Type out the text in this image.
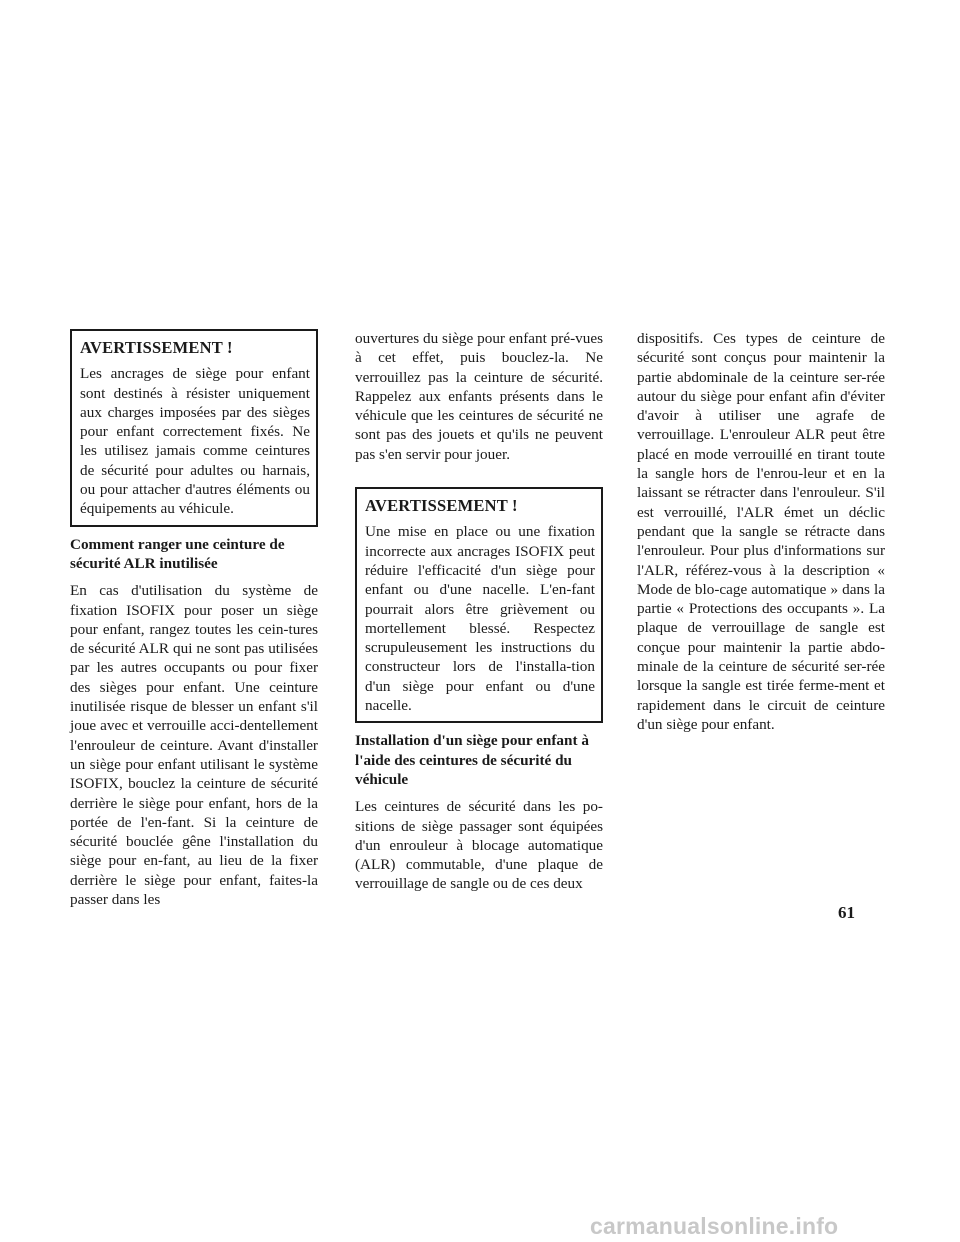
AVERTISSEMENT !

Les ancrages de siège pour enfant sont destinés à résister uniquement aux charges imposées par des sièges pour enfant correctement fixés. Ne les utilisez jamais comme ceintures de sécurité pour adultes ou harnais, ou pour attacher d'autres éléments ou équipements au véhicule.

Comment ranger une ceinture de sécurité ALR inutilisée

En cas d'utilisation du système de fixation ISOFIX pour poser un siège pour enfant, rangez toutes les cein-tures de sécurité ALR qui ne sont pas utilisées par les autres occupants ou pour fixer des sièges pour enfant. Une ceinture inutilisée risque de blesser un enfant s'il joue avec et verrouille acci-dentellement l'enrouleur de ceinture. Avant d'installer un siège pour enfant utilisant le système ISOFIX, bouclez la ceinture de sécurité derrière le siège pour enfant, hors de la portée de l'en-fant. Si la ceinture de sécurité bouclée gêne l'installation du siège pour en-fant, au lieu de la fixer derrière le siège pour enfant, faites-la passer dans les

ouvertures du siège pour enfant pré-vues à cet effet, puis bouclez-la. Ne verrouillez pas la ceinture de sécurité. Rappelez aux enfants présents dans le véhicule que les ceintures de sécurité ne sont pas des jouets et qu'ils ne peuvent pas s'en servir pour jouer.

AVERTISSEMENT !

Une mise en place ou une fixation incorrecte aux ancrages ISOFIX peut réduire l'efficacité d'un siège pour enfant ou d'une nacelle. L'en-fant pourrait alors être grièvement ou mortellement blessé. Respectez scrupuleusement les instructions du constructeur lors de l'installa-tion d'un siège pour enfant ou d'une nacelle.

Installation d'un siège pour enfant à l'aide des ceintures de sécurité du véhicule

Les ceintures de sécurité dans les po-sitions de siège passager sont équipées d'un enrouleur à blocage automatique (ALR) commutable, d'une plaque de verrouillage de sangle ou de ces deux

dispositifs. Ces types de ceinture de sécurité sont conçus pour maintenir la partie abdominale de la ceinture ser-rée autour du siège pour enfant afin d'éviter d'avoir à utiliser une agrafe de verrouillage. L'enrouleur ALR peut être placé en mode verrouillé en tirant toute la sangle hors de l'enrou-leur et en la laissant se rétracter dans l'enrouleur. S'il est verrouillé, l'ALR émet un déclic pendant que la sangle se rétracte dans l'enrouleur. Pour plus d'informations sur l'ALR, référez-vous à la description « Mode de blo-cage automatique » dans la partie « Protections des occupants ». La plaque de verrouillage de sangle est conçue pour maintenir la partie abdo-minale de la ceinture de sécurité ser-rée lorsque la sangle est tirée ferme-ment et rapidement dans le circuit de ceinture d'un siège pour enfant.

61
carmanualsonline.info
